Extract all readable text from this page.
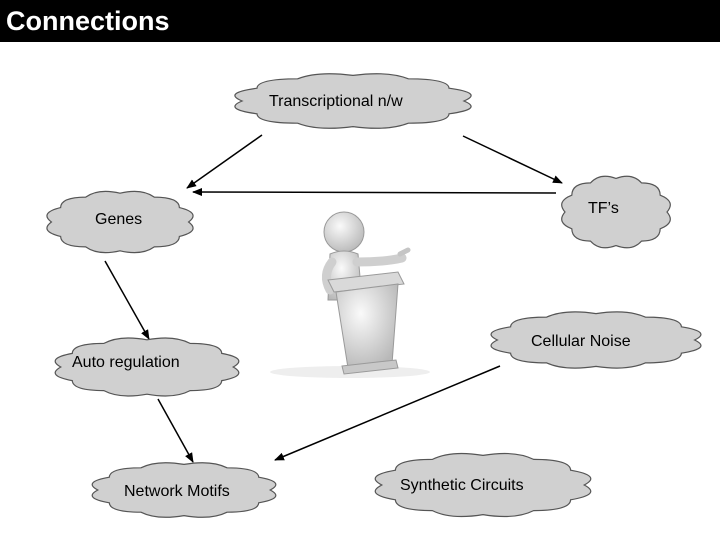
Connections
Transcriptional n/w
Genes
TF’s
Auto regulation
Cellular Noise
Network Motifs	Synthetic Circuits
